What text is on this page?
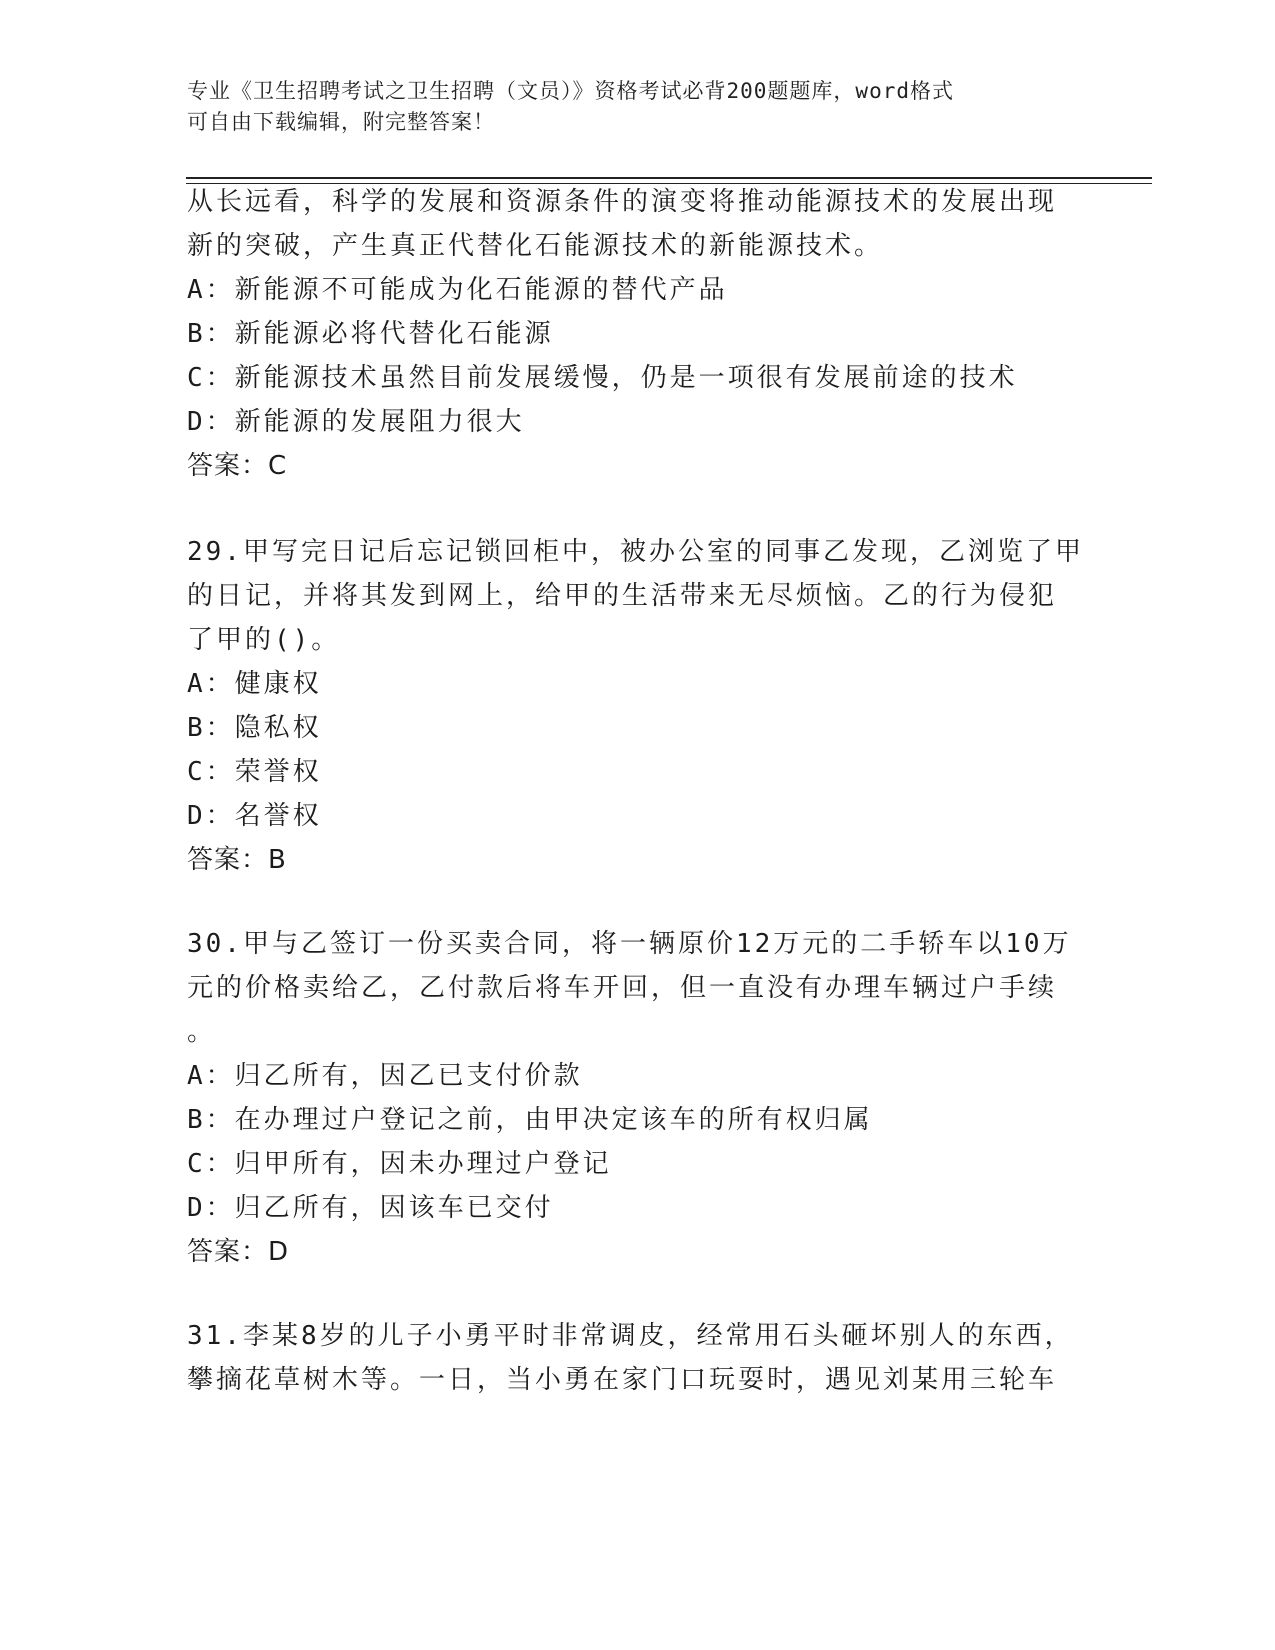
专业《卫生招聘考试之卫生招聘（文员）》资格考试必背200题题库，word格式
可自由下载编辑，附完整答案！
从长远看，科学的发展和资源条件的演变将推动能源技术的发展出现
新的突破，产生真正代替化石能源技术的新能源技术。
A：新能源不可能成为化石能源的替代产品
B：新能源必将代替化石能源
C：新能源技术虽然目前发展缓慢，仍是一项很有发展前途的技术
D：新能源的发展阻力很大
答案：C
29.甲写完日记后忘记锁回柜中，被办公室的同事乙发现，乙浏览了甲
的日记，并将其发到网上，给甲的生活带来无尽烦恼。乙的行为侵犯
了甲的()。
A：健康权
B：隐私权
C：荣誉权
D：名誉权
答案：B
30.甲与乙签订一份买卖合同，将一辆原价12万元的二手轿车以10万
元的价格卖给乙，乙付款后将车开回，但一直没有办理车辆过户手续
。
A：归乙所有，因乙已支付价款
B：在办理过户登记之前，由甲决定该车的所有权归属
C：归甲所有，因未办理过户登记
D：归乙所有，因该车已交付
答案：D
31.李某8岁的儿子小勇平时非常调皮，经常用石头砸坏别人的东西，
攀摘花草树木等。一日，当小勇在家门口玩耍时，遇见刘某用三轮车
